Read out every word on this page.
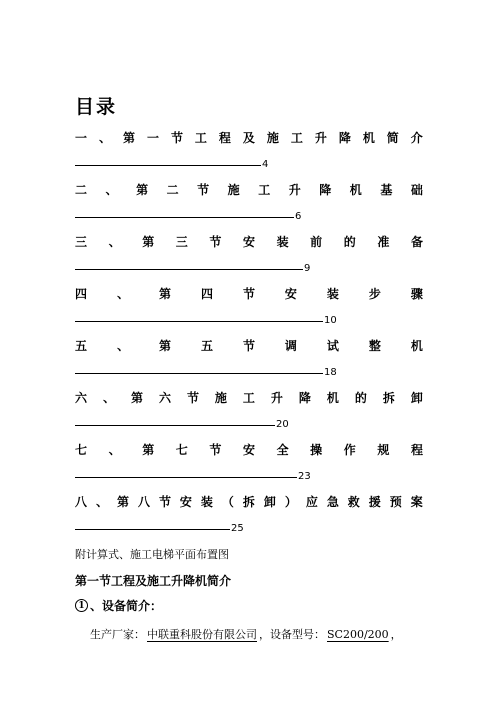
目录
一 、 第 一 节 工 程 及 施 工 升 降 机 简 介
4
二 、 第 二 节 施 工 升 降 机 基 础
6
三 、 第 三 节 安 装 前 的 准 备
9
四 、 第 四 节 安 装 步 骤
10
五 、 第 五 节 调 试 整 机
18
六 、 第 六 节 施 工 升 降 机 的 拆 卸
20
七 、 第 七 节 安 全 操 作 规 程
23
八 、 第 八 节 安 装 （ 拆 卸 ） 应 急 救 援 预 案
25
附计算式、施工电梯平面布置图
第一节工程及施工升降机简介
1 、设备简介：
生产厂家： 中联重科股份有限公司 ，设备型号： SC200/200 ，
